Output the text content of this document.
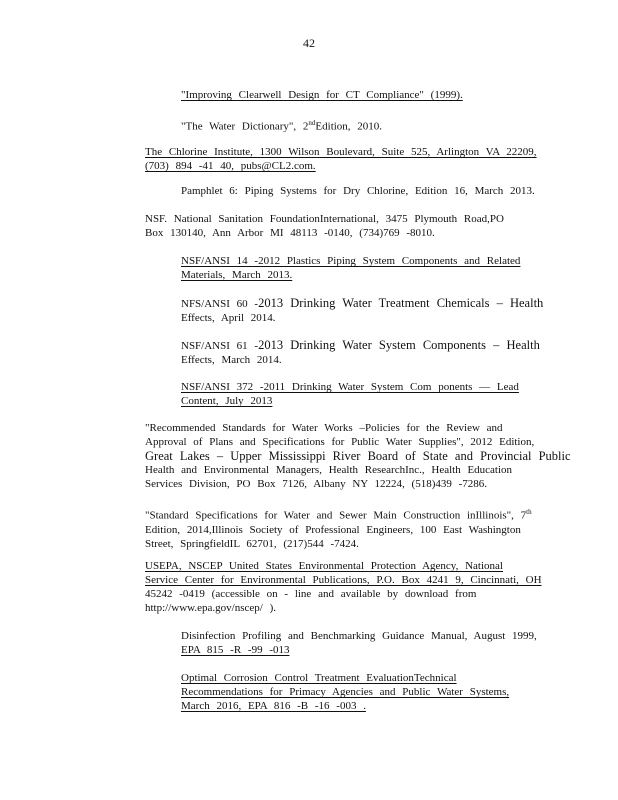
42
"Improving Clearwell Design for CT Compliance" (1999).
"The Water Dictionary", 2ndEdition, 2010.
The Chlorine Institute, 1300 Wilson Boulevard, Suite 525, Arlington VA 22209,
(703) 894 -41 40, pubs@CL2.com.
Pamphlet 6: Piping Systems for Dry Chlorine, Edition 16, March 2013.
NSF. National Sanitation FoundationInternational, 3475 Plymouth Road,PO
Box 130140, Ann Arbor MI 48113 -0140, (734)769 -8010.
NSF/ANSI 14 -2012 Plastics Piping System Components and Related
Materials, March 2013.
NFS/ANSI 60 -2013 Drinking Water Treatment Chemicals – Health
Effects, April 2014.
NSF/ANSI 61 -2013 Drinking Water System Components – Health
Effects, March 2014.
NSF/ANSI 372 -2011 Drinking Water System Com ponents — Lead
Content, July 2013
"Recommended Standards for Water Works –Policies for the Review and
Approval of Plans and Specifications for Public Water Supplies", 2012 Edition,
Great Lakes – Upper Mississippi River Board of State and Provincial Public
Health and Environmental Managers, Health ResearchInc., Health Education
Services Division, PO Box 7126, Albany NY 12224, (518)439 -7286.
"Standard Specifications for Water and Sewer Main Construction inIllinois", 7th
Edition, 2014,Illinois Society of Professional Engineers, 100 East Washington
Street, SpringfieldIL 62701, (217)544 -7424.
USEPA, NSCEP United States Environmental Protection Agency, National
Service Center for Environmental Publications, P.O. Box 4241 9, Cincinnati, OH
45242 -0419 (accessible on - line and available by download from
http://www.epa.gov/nscep/ ).
Disinfection Profiling and Benchmarking Guidance Manual, August 1999,
EPA 815 -R -99 -013
Optimal Corrosion Control Treatment EvaluationTechnical
Recommendations for Primacy Agencies and Public Water Systems,
March 2016, EPA 816 -B -16 -003 .
